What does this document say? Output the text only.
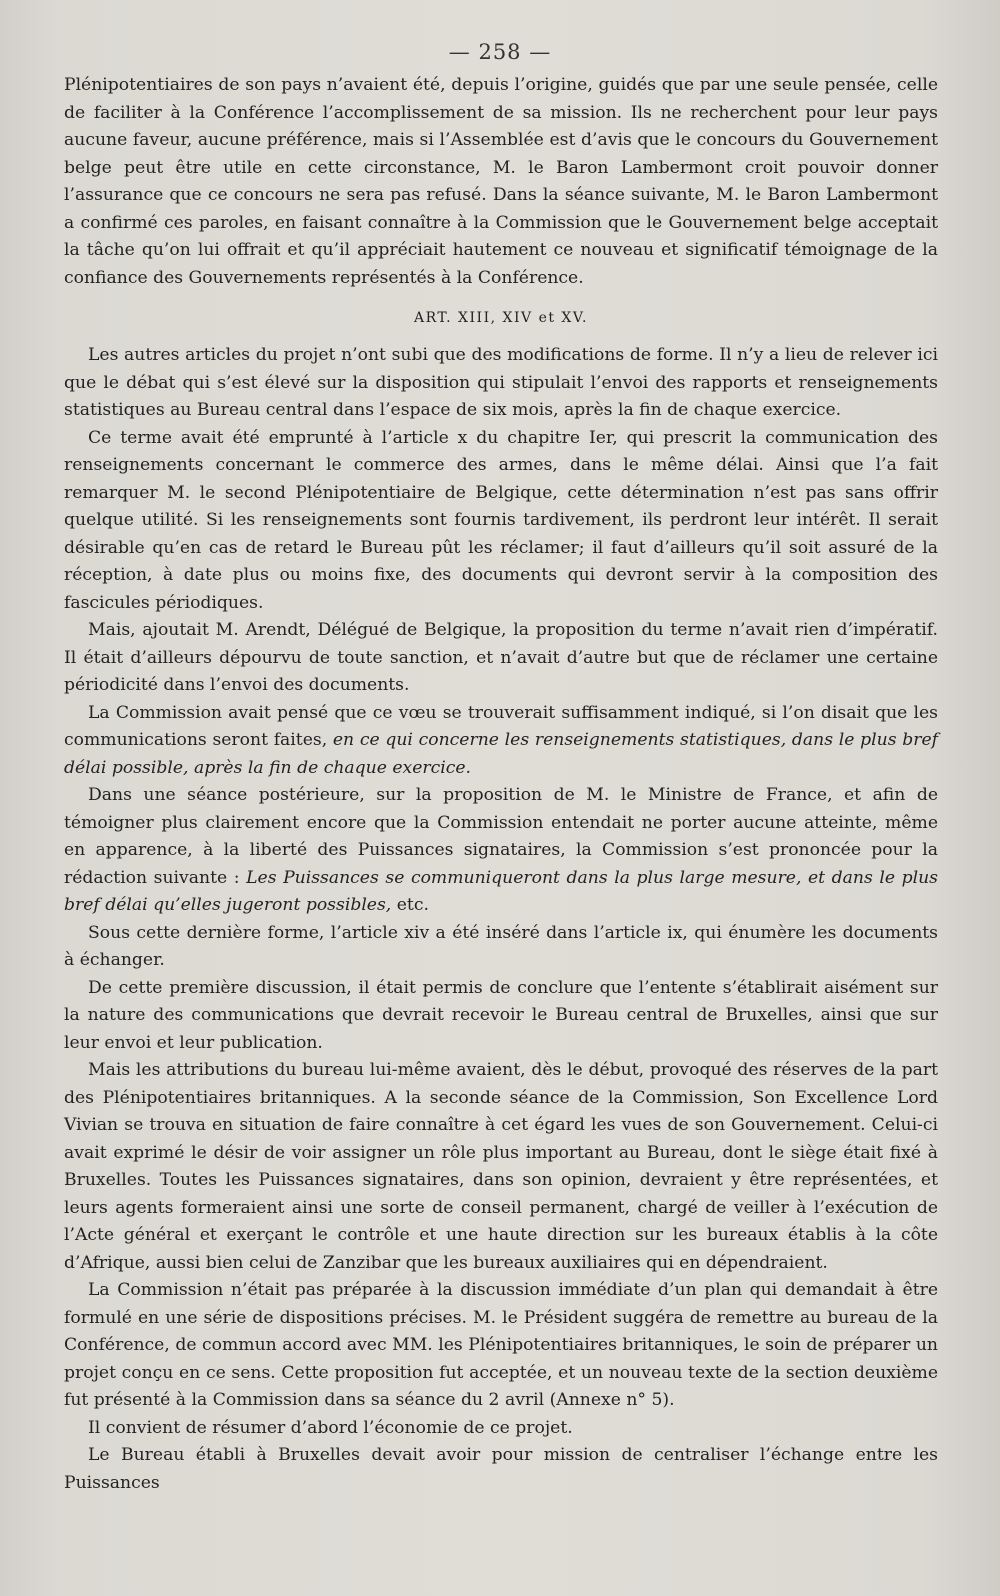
— 258 —

Plénipotentiaires de son pays n’avaient été, depuis l’origine, guidés que par une seule pensée, celle de faciliter à la Conférence l’accomplissement de sa mission. Ils ne recherchent pour leur pays aucune faveur, aucune préférence, mais si l’Assemblée est d’avis que le concours du Gouvernement belge peut être utile en cette circonstance, M. le Baron Lambermont croit pouvoir donner l’assurance que ce concours ne sera pas refusé. Dans la séance suivante, M. le Baron Lambermont a confirmé ces paroles, en faisant connaître à la Commission que le Gouvernement belge acceptait la tâche qu’on lui offrait et qu’il appréciait hautement ce nouveau et significatif témoignage de la confiance des Gouvernements représentés à la Conférence.

ART. XIII, XIV et XV.

Les autres articles du projet n’ont subi que des modifications de forme. Il n’y a lieu de relever ici que le débat qui s’est élevé sur la disposition qui stipulait l’envoi des rapports et renseignements statistiques au Bureau central dans l’espace de six mois, après la fin de chaque exercice.

Ce terme avait été emprunté à l’article x du chapitre Ier, qui prescrit la communication des renseignements concernant le commerce des armes, dans le même délai. Ainsi que l’a fait remarquer M. le second Plénipotentiaire de Belgique, cette détermination n’est pas sans offrir quelque utilité. Si les renseignements sont fournis tardivement, ils perdront leur intérêt. Il serait désirable qu’en cas de retard le Bureau pût les réclamer; il faut d’ailleurs qu’il soit assuré de la réception, à date plus ou moins fixe, des documents qui devront servir à la composition des fascicules périodiques.

Mais, ajoutait M. Arendt, Délégué de Belgique, la proposition du terme n’avait rien d’impératif. Il était d’ailleurs dépourvu de toute sanction, et n’avait d’autre but que de réclamer une certaine périodicité dans l’envoi des documents.

La Commission avait pensé que ce vœu se trouverait suffisamment indiqué, si l’on disait que les communications seront faites, en ce qui concerne les renseignements statistiques, dans le plus bref délai possible, après la fin de chaque exercice.

Dans une séance postérieure, sur la proposition de M. le Ministre de France, et afin de témoigner plus clairement encore que la Commission entendait ne porter aucune atteinte, même en apparence, à la liberté des Puissances signataires, la Commission s’est prononcée pour la rédaction suivante : Les Puissances se communiqueront dans la plus large mesure, et dans le plus bref délai qu’elles jugeront possibles, etc.

Sous cette dernière forme, l’article xiv a été inséré dans l’article ix, qui énumère les documents à échanger.

De cette première discussion, il était permis de conclure que l’entente s’établirait aisément sur la nature des communications que devrait recevoir le Bureau central de Bruxelles, ainsi que sur leur envoi et leur publication.

Mais les attributions du bureau lui-même avaient, dès le début, provoqué des réserves de la part des Plénipotentiaires britanniques. A la seconde séance de la Commission, Son Excellence Lord Vivian se trouva en situation de faire connaître à cet égard les vues de son Gouvernement. Celui-ci avait exprimé le désir de voir assigner un rôle plus important au Bureau, dont le siège était fixé à Bruxelles. Toutes les Puissances signataires, dans son opinion, devraient y être représentées, et leurs agents formeraient ainsi une sorte de conseil permanent, chargé de veiller à l’exécution de l’Acte général et exerçant le contrôle et une haute direction sur les bureaux établis à la côte d’Afrique, aussi bien celui de Zanzibar que les bureaux auxiliaires qui en dépendraient.

La Commission n’était pas préparée à la discussion immédiate d’un plan qui demandait à être formulé en une série de dispositions précises. M. le Président suggéra de remettre au bureau de la Conférence, de commun accord avec MM. les Plénipotentiaires britanniques, le soin de préparer un projet conçu en ce sens. Cette proposition fut acceptée, et un nouveau texte de la section deuxième fut présenté à la Commission dans sa séance du 2 avril (Annexe n° 5).

Il convient de résumer d’abord l’économie de ce projet.

Le Bureau établi à Bruxelles devait avoir pour mission de centraliser l’échange entre les Puissances
